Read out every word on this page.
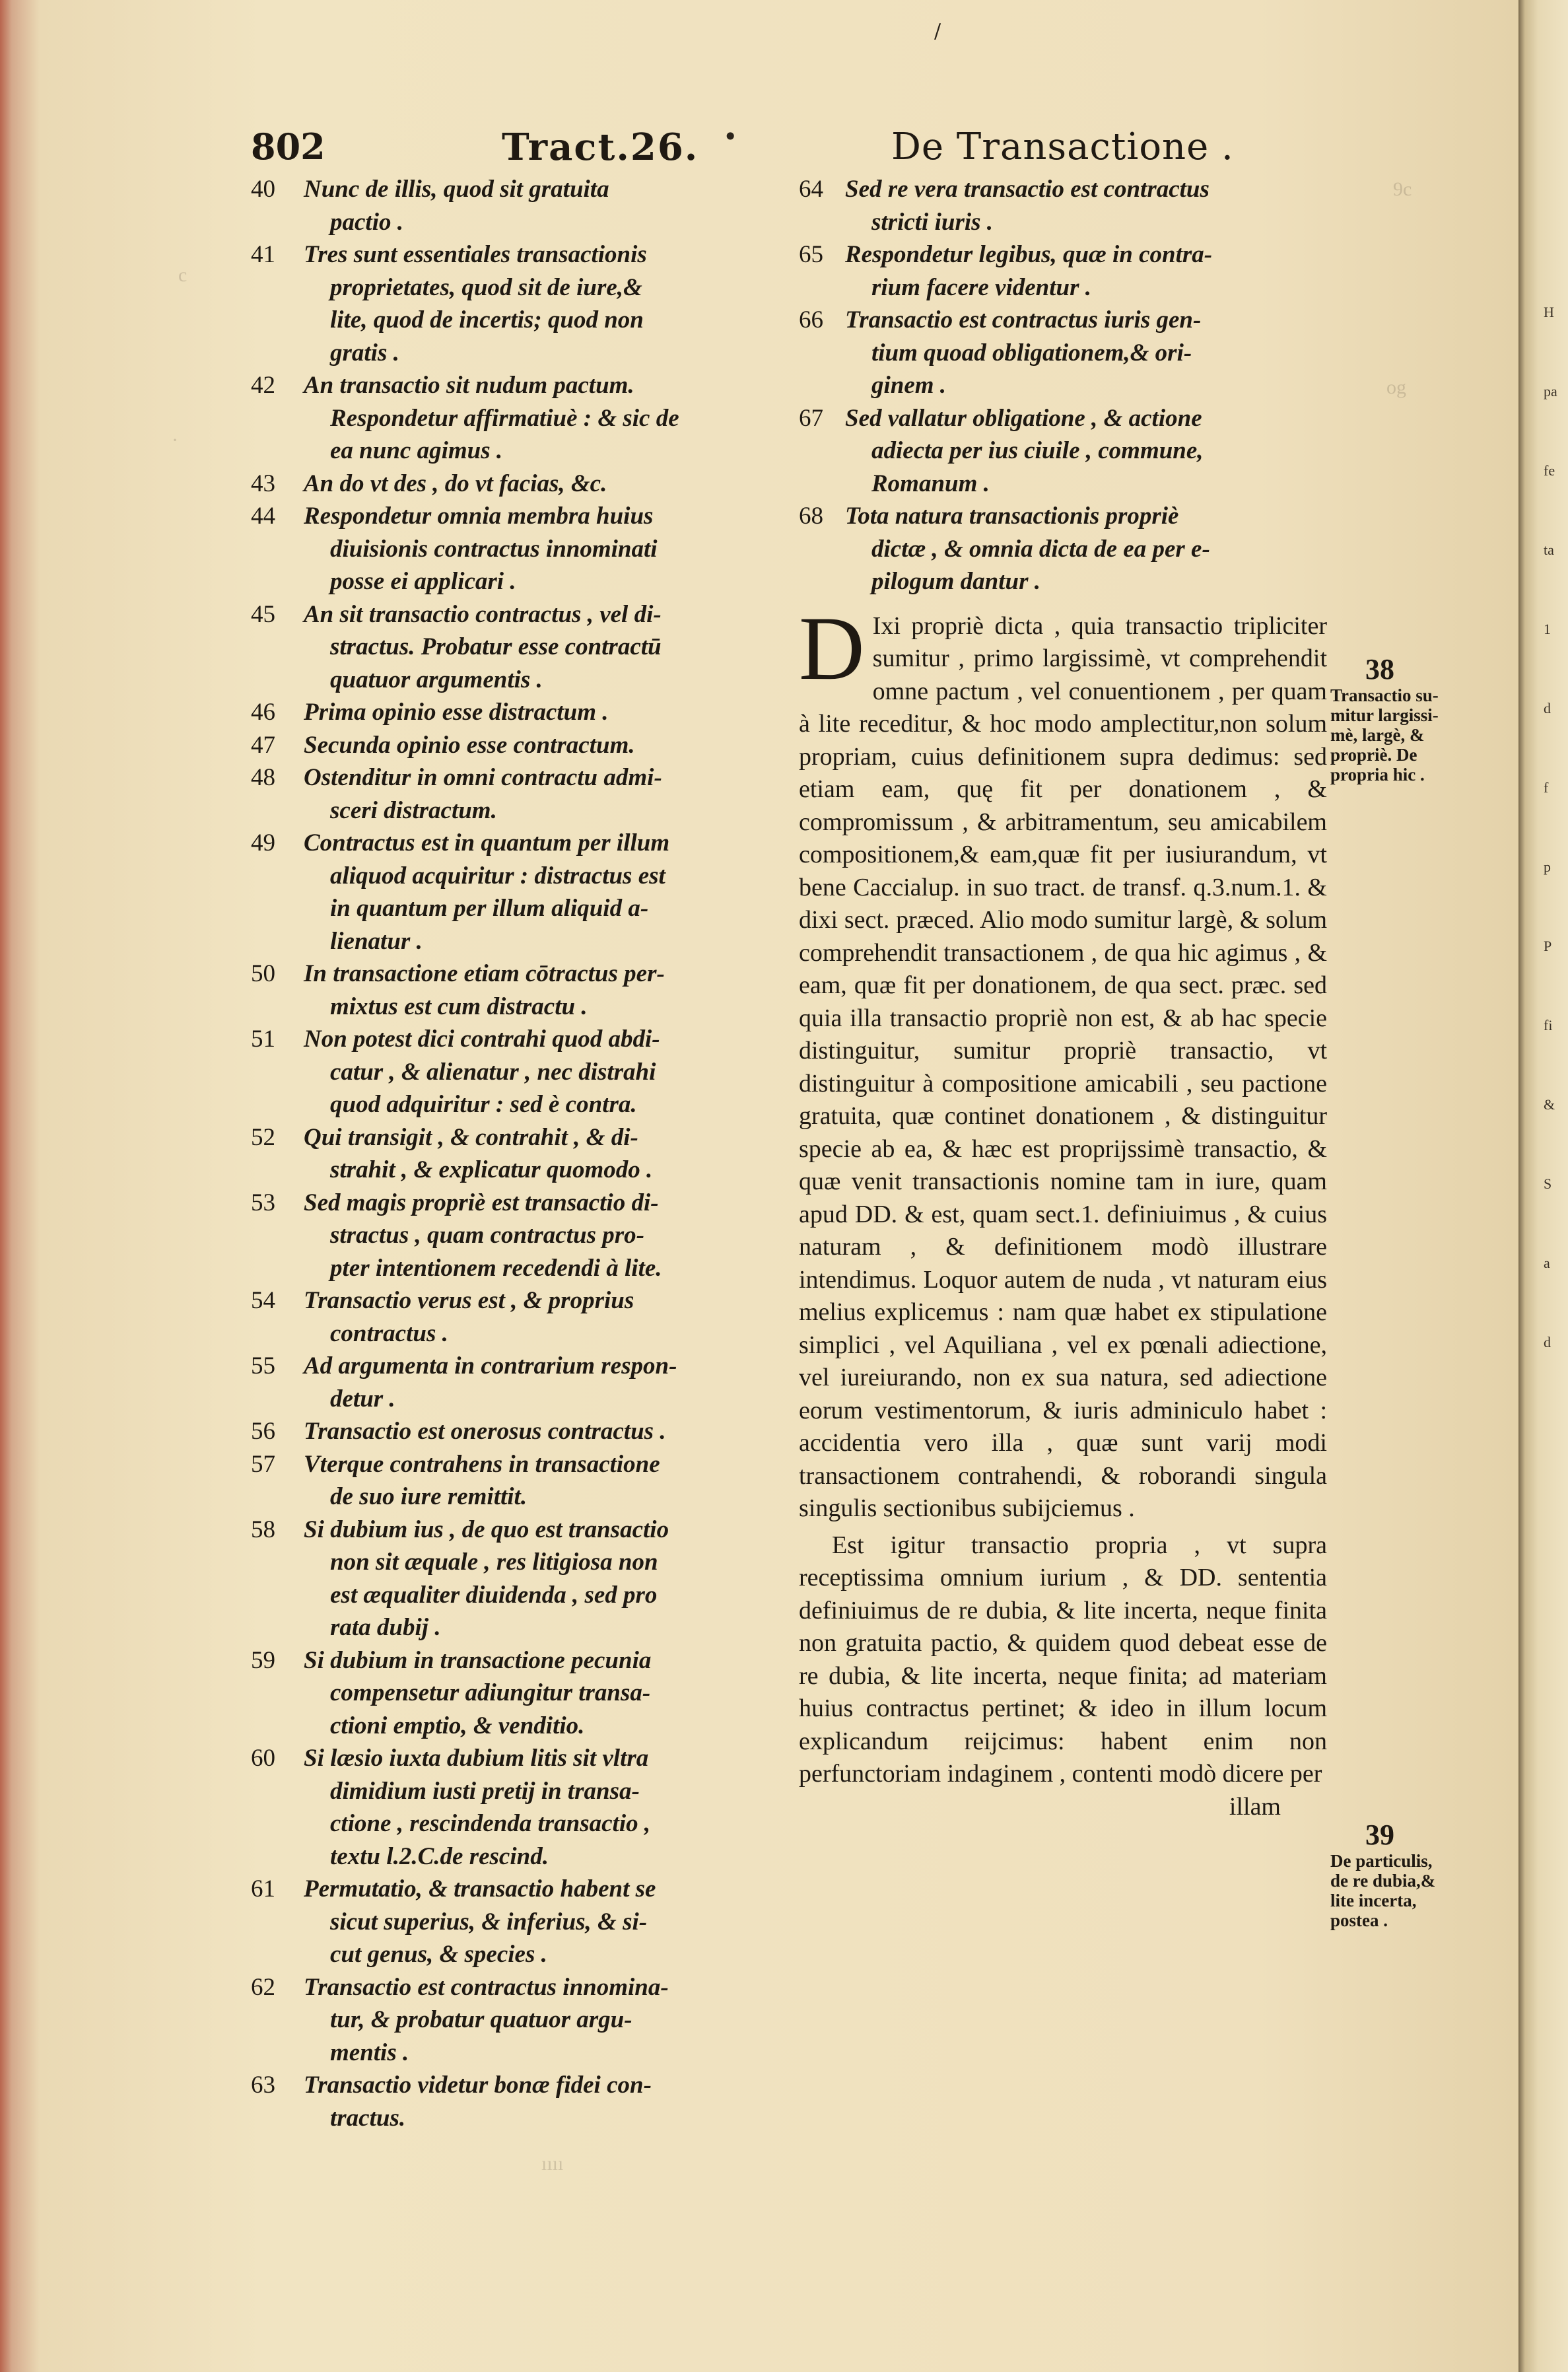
802	Tract.26.	De Transactione .
40 Nunc de illis, quod sit gratuita
pactio .
41 Tres sunt essentiales transactionis
proprietates, quod sit de iure,&
lite, quod de incertis; quod non
gratis .
42 An transactio sit nudum pactum.
Respondetur affirmatiuè : & sic de
ea nunc agimus .
43 An do vt des , do vt facias, &c.
44 Respondetur omnia membra huius
diuisionis contractus innominati
posse ei applicari .
45 An sit transactio contractus , vel di-
stractus. Probatur esse contractū
quatuor argumentis .
46 Prima opinio esse distractum .
47 Secunda opinio esse contractum.
48 Ostenditur in omni contractu admi-
sceri distractum.
49 Contractus est in quantum per illum
aliquod acquiritur : distractus est
in quantum per illum aliquid a-
lienatur .
50 In transactione etiam cōtractus per-
mixtus est cum distractu .
51 Non potest dici contrahi quod abdi-
catur , & alienatur , nec distrahi
quod adquiritur : sed è contra.
52 Qui transigit , & contrahit , & di-
strahit , & explicatur quomodo .
53 Sed magis propriè est transactio di-
stractus , quam contractus pro-
pter intentionem recedendi à lite.
54 Transactio verus est , & proprius
contractus .
55 Ad argumenta in contrarium respon-
detur .
56 Transactio est onerosus contractus .
57 Vterque contrahens in transactione
de suo iure remittit.
58 Si dubium ius , de quo est transactio
non sit æquale , res litigiosa non
est æqualiter diuidenda , sed pro
rata dubij .
59 Si dubium in transactione pecunia
compensetur adiungitur transa-
ctioni emptio, & venditio.
60 Si læsio iuxta dubium litis sit vltra
dimidium iusti pretij in transa-
ctione , rescindenda transactio ,
textu l.2.C.de rescind.
61 Permutatio, & transactio habent se
sicut superius, & inferius, & si-
cut genus, & species .
62 Transactio est contractus innomina-
tur, & probatur quatuor argu-
mentis .
63 Transactio videtur bonæ fidei con-
tractus.
64 Sed re vera transactio est contractus
stricti iuris .
65 Respondetur legibus, quæ in contra-
rium facere videntur .
66 Transactio est contractus iuris gen-
tium quoad obligationem,& ori-
ginem .
67 Sed vallatur obligatione , & actione
adiecta per ius ciuile , commune,
Romanum .
68 Tota natura transactionis propriè
dictæ , & omnia dicta de ea per e-
pilogum dantur .

D Ixi propriè dicta , quia transactio tripliciter sumitur , primo largissimè, vt comprehendit omne pactum , vel conuentionem , per quam à lite receditur, & hoc modo amplectitur,non solum propriam, cuius definitionem supra dedimus: sed etiam eam, quę fit per donationem , & compromissum , & arbitramentum, seu amicabilem compositionem,& eam,quæ fit per iusiurandum, vt bene Caccialup. in suo tract. de transf. q.3.num.1. & dixi sect. præced. Alio modo sumitur largè, & solum comprehendit transactionem , de qua hic agimus , & eam, quæ fit per donationem, de qua sect. præc. sed quia illa transactio propriè non est, & ab hac specie distinguitur, sumitur propriè transactio, vt distinguitur à compositione amicabili , seu pactione gratuita, quæ continet donationem , & distinguitur specie ab ea, & hæc est proprijssimè transactio, & quæ venit transactionis nomine tam in iure, quam apud DD. & est, quam sect.1. definiuimus , & cuius naturam , & definitionem modò illustrare intendimus. Loquor autem de nuda , vt naturam eius melius explicemus : nam quæ habet ex stipulatione simplici , vel Aquiliana , vel ex pœnali adiectione, vel iureiurando, non ex sua natura, sed adiectione eorum vestimentorum, & iuris adminiculo habet : accidentia vero illa , quæ sunt varij modi transactionem contrahendi, & roborandi singula singulis sectionibus subijciemus .

Est igitur transactio propria , vt supra receptissima omnium iurium , & DD. sententia definiuimus de re dubia, & lite incerta, neque finita non gratuita pactio, & quidem quod debeat esse de re dubia, & lite incerta, neque finita; ad materiam huius contractus pertinet; & ideo in illum locum explicandum reijcimus: habent enim non perfunctoriam indaginem , contenti modò dicere per

illam
38
Transactio su-
mitur largissi-
mè, largè, &
propriè. De
propria hic .
39
De particulis,
de re dubia,&
lite incerta,
postea .
•
/
9c
og
c
·
ıııı
H
pa
fe
ta
1
d
f
p
P
fi
&
S
a
d
